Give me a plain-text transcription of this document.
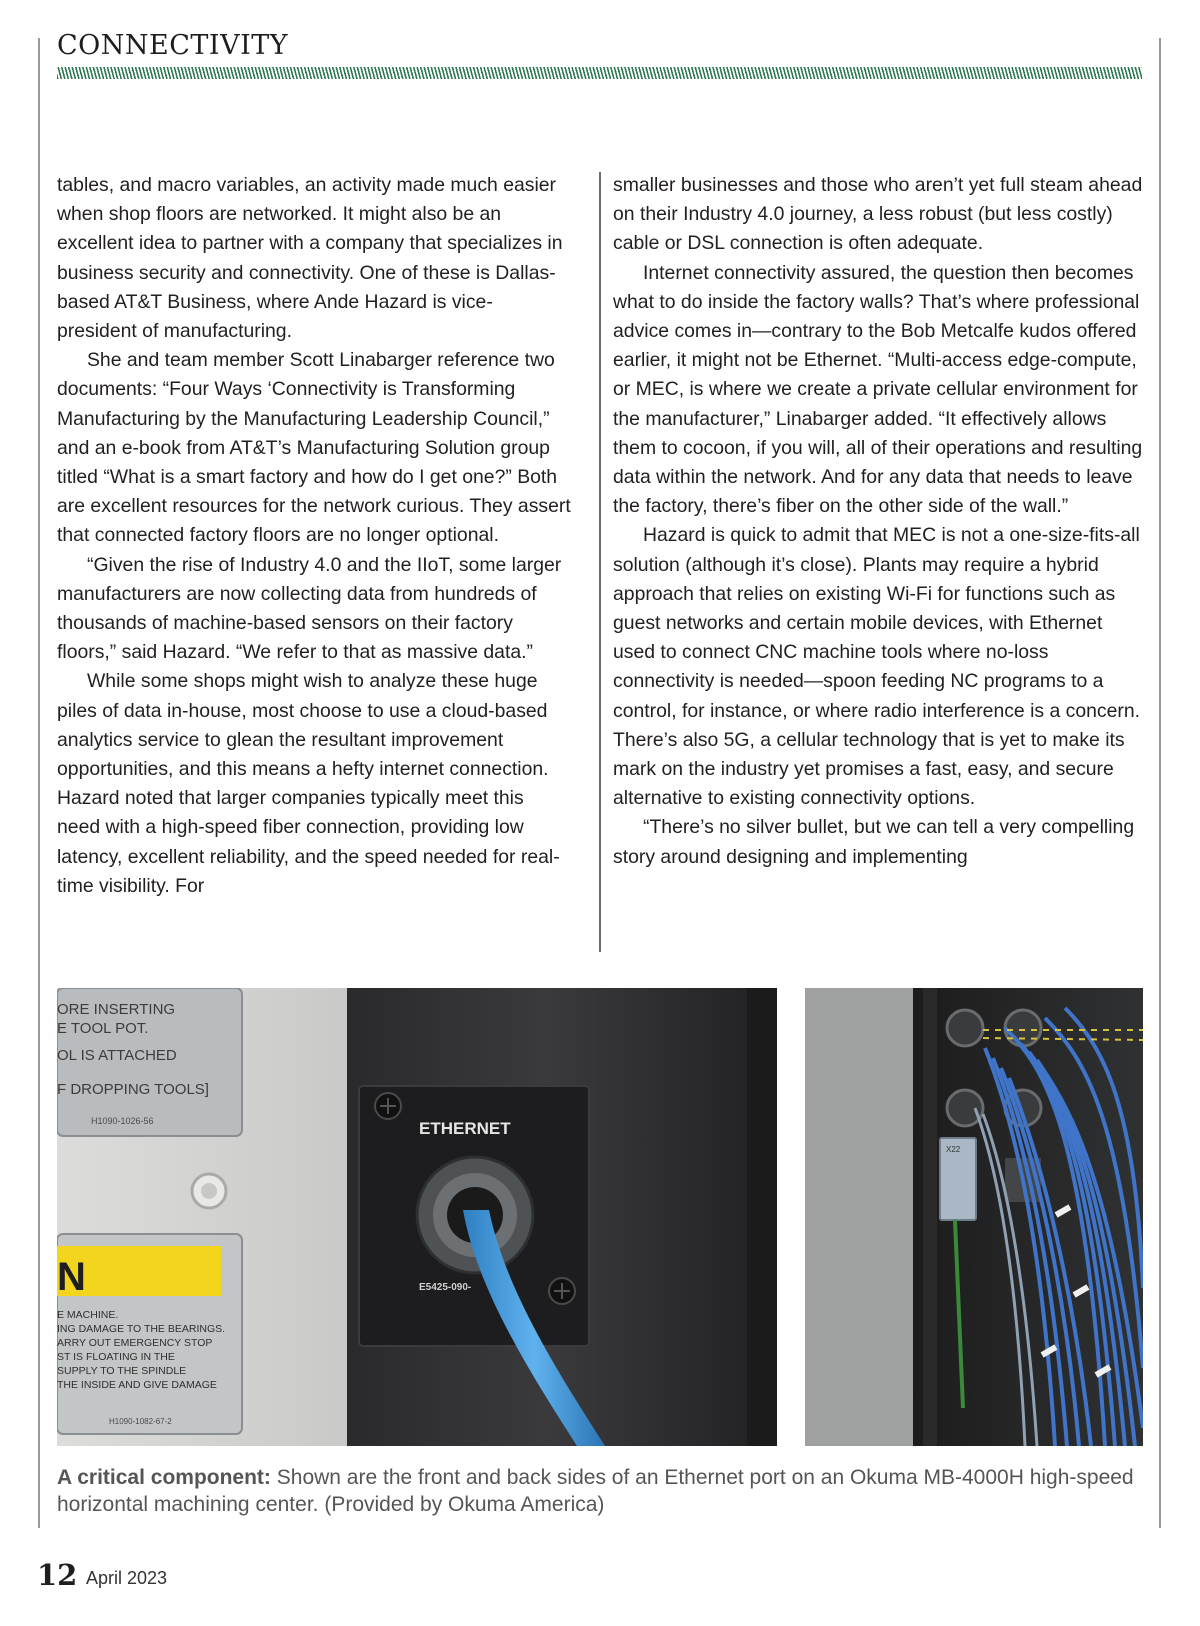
CONNECTIVITY

tables, and macro variables, an activity made much easier when shop floors are networked. It might also be an excellent idea to partner with a company that specializes in business security and connectivity. One of these is Dallas-based AT&T Business, where Ande Hazard is vice-president of manufacturing.

She and team member Scott Linabarger reference two documents: “Four Ways ‘Connectivity is Transforming Manufacturing by the Manufacturing Leadership Council,” and an e-book from AT&T’s Manufacturing Solution group titled “What is a smart factory and how do I get one?” Both are excellent resources for the network curious. They assert that connected factory floors are no longer optional.

“Given the rise of Industry 4.0 and the IIoT, some larger manufacturers are now collecting data from hundreds of thousands of machine-based sensors on their factory floors,” said Hazard. “We refer to that as massive data.”

While some shops might wish to analyze these huge piles of data in-house, most choose to use a cloud-based analytics service to glean the resultant improvement opportunities, and this means a hefty internet connection. Hazard noted that larger companies typically meet this need with a high-speed fiber connection, providing low latency, excellent reliability, and the speed needed for real-time visibility. For

smaller businesses and those who aren’t yet full steam ahead on their Industry 4.0 journey, a less robust (but less costly) cable or DSL connection is often adequate.

Internet connectivity assured, the question then becomes what to do inside the factory walls? That’s where professional advice comes in—contrary to the Bob Metcalfe kudos offered earlier, it might not be Ethernet. “Multi-access edge-compute, or MEC, is where we create a private cellular environment for the manufacturer,” Linabarger added. “It effectively allows them to cocoon, if you will, all of their operations and resulting data within the network. And for any data that needs to leave the factory, there’s fiber on the other side of the wall.”

Hazard is quick to admit that MEC is not a one-size-fits-all solution (although it’s close). Plants may require a hybrid approach that relies on existing Wi-Fi for functions such as guest networks and certain mobile devices, with Ethernet used to connect CNC machine tools where no-loss connectivity is needed—spoon feeding NC programs to a control, for instance, or where radio interference is a concern. There’s also 5G, a cellular technology that is yet to make its mark on the industry yet promises a fast, easy, and secure alternative to existing connectivity options.

“There’s no silver bullet, but we can tell a very compelling story around designing and implementing

ETHERNET
E5425-090-
ORE INSERTING
E TOOL POT.
OL IS ATTACHED
F DROPPING TOOLS]
H1090-1026-56
N
E MACHINE.
ING DAMAGE TO THE BEARINGS.
ARRY OUT EMERGENCY STOP
ST IS FLOATING IN THE
SUPPLY TO THE SPINDLE
THE INSIDE AND GIVE DAMAGE
H1090-1082-67-2
X22
A critical component: Shown are the front and back sides of an Ethernet port on an Okuma MB-4000H high-speed horizontal machining center. (Provided by Okuma America)
12 April 2023
